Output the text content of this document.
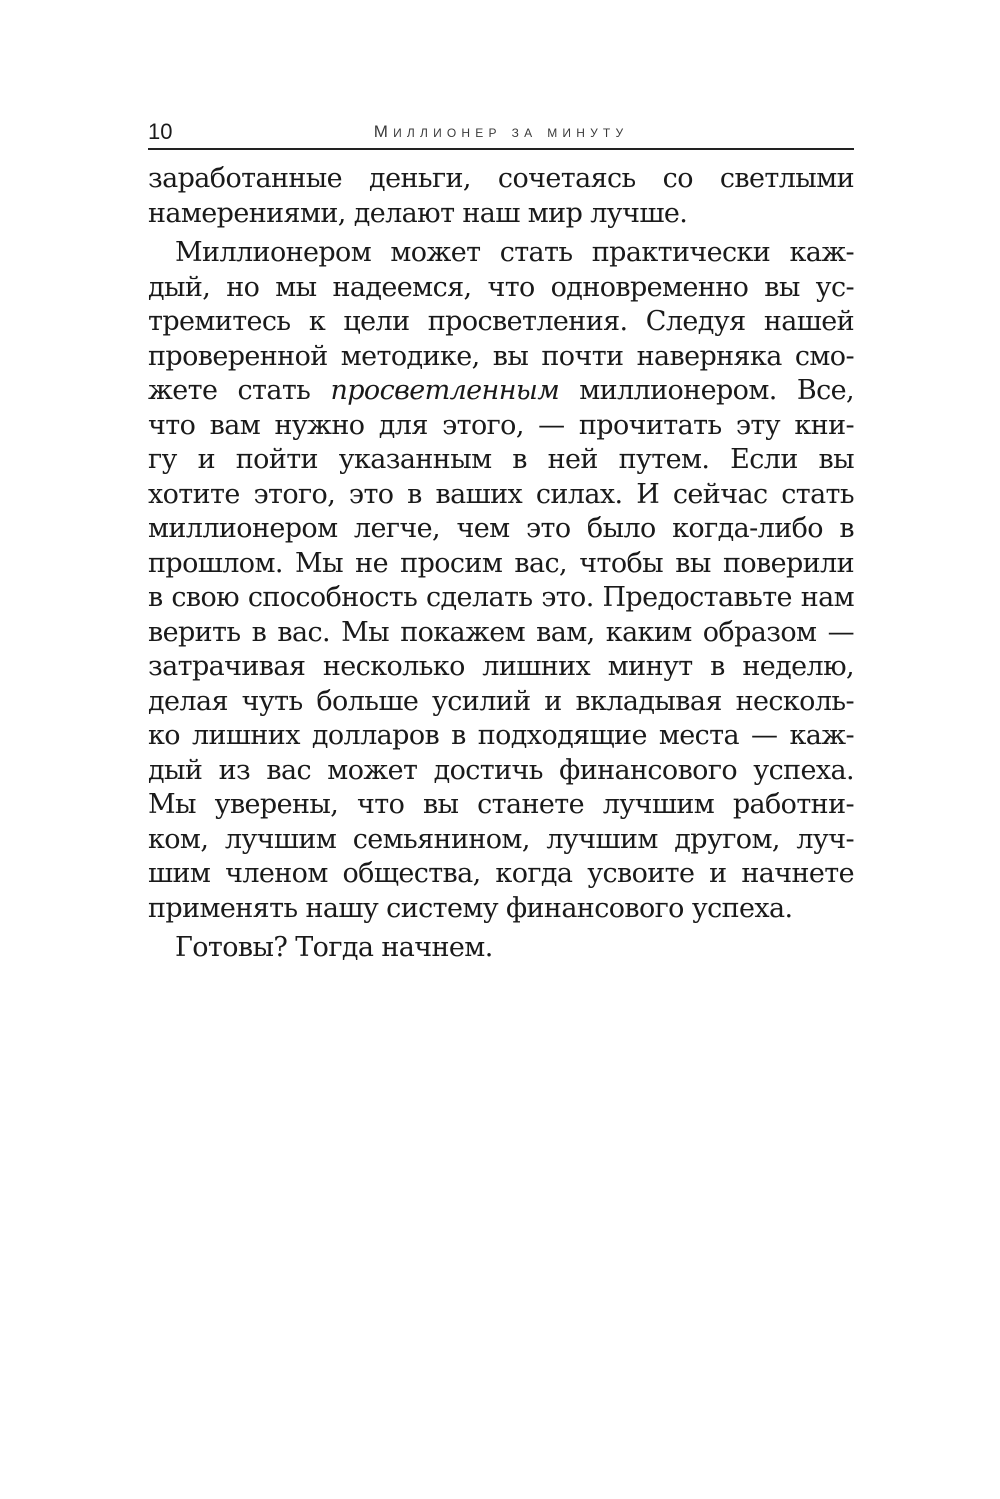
10	Миллионер за минуту
заработанные деньги, сочетаясь со светлыми
намерениями, делают наш мир лучше.
Миллионером может стать практически каж-
дый, но мы надеемся, что одновременно вы ус-
тремитесь к цели просветления. Следуя нашей
проверенной методике, вы почти наверняка смо-
жете стать просветленным миллионером. Все,
что вам нужно для этого, — прочитать эту кни-
гу и пойти указанным в ней путем. Если вы
хотите этого, это в ваших силах. И сейчас стать
миллионером легче, чем это было когда-либо в
прошлом. Мы не просим вас, чтобы вы поверили
в свою способность сделать это. Предоставьте нам
верить в вас. Мы покажем вам, каким образом —
затрачивая несколько лишних минут в неделю,
делая чуть больше усилий и вкладывая несколь-
ко лишних долларов в подходящие места — каж-
дый из вас может достичь финансового успеха.
Мы уверены, что вы станете лучшим работни-
ком, лучшим семьянином, лучшим другом, луч-
шим членом общества, когда усвоите и начнете
применять нашу систему финансового успеха.
Готовы? Тогда начнем.
